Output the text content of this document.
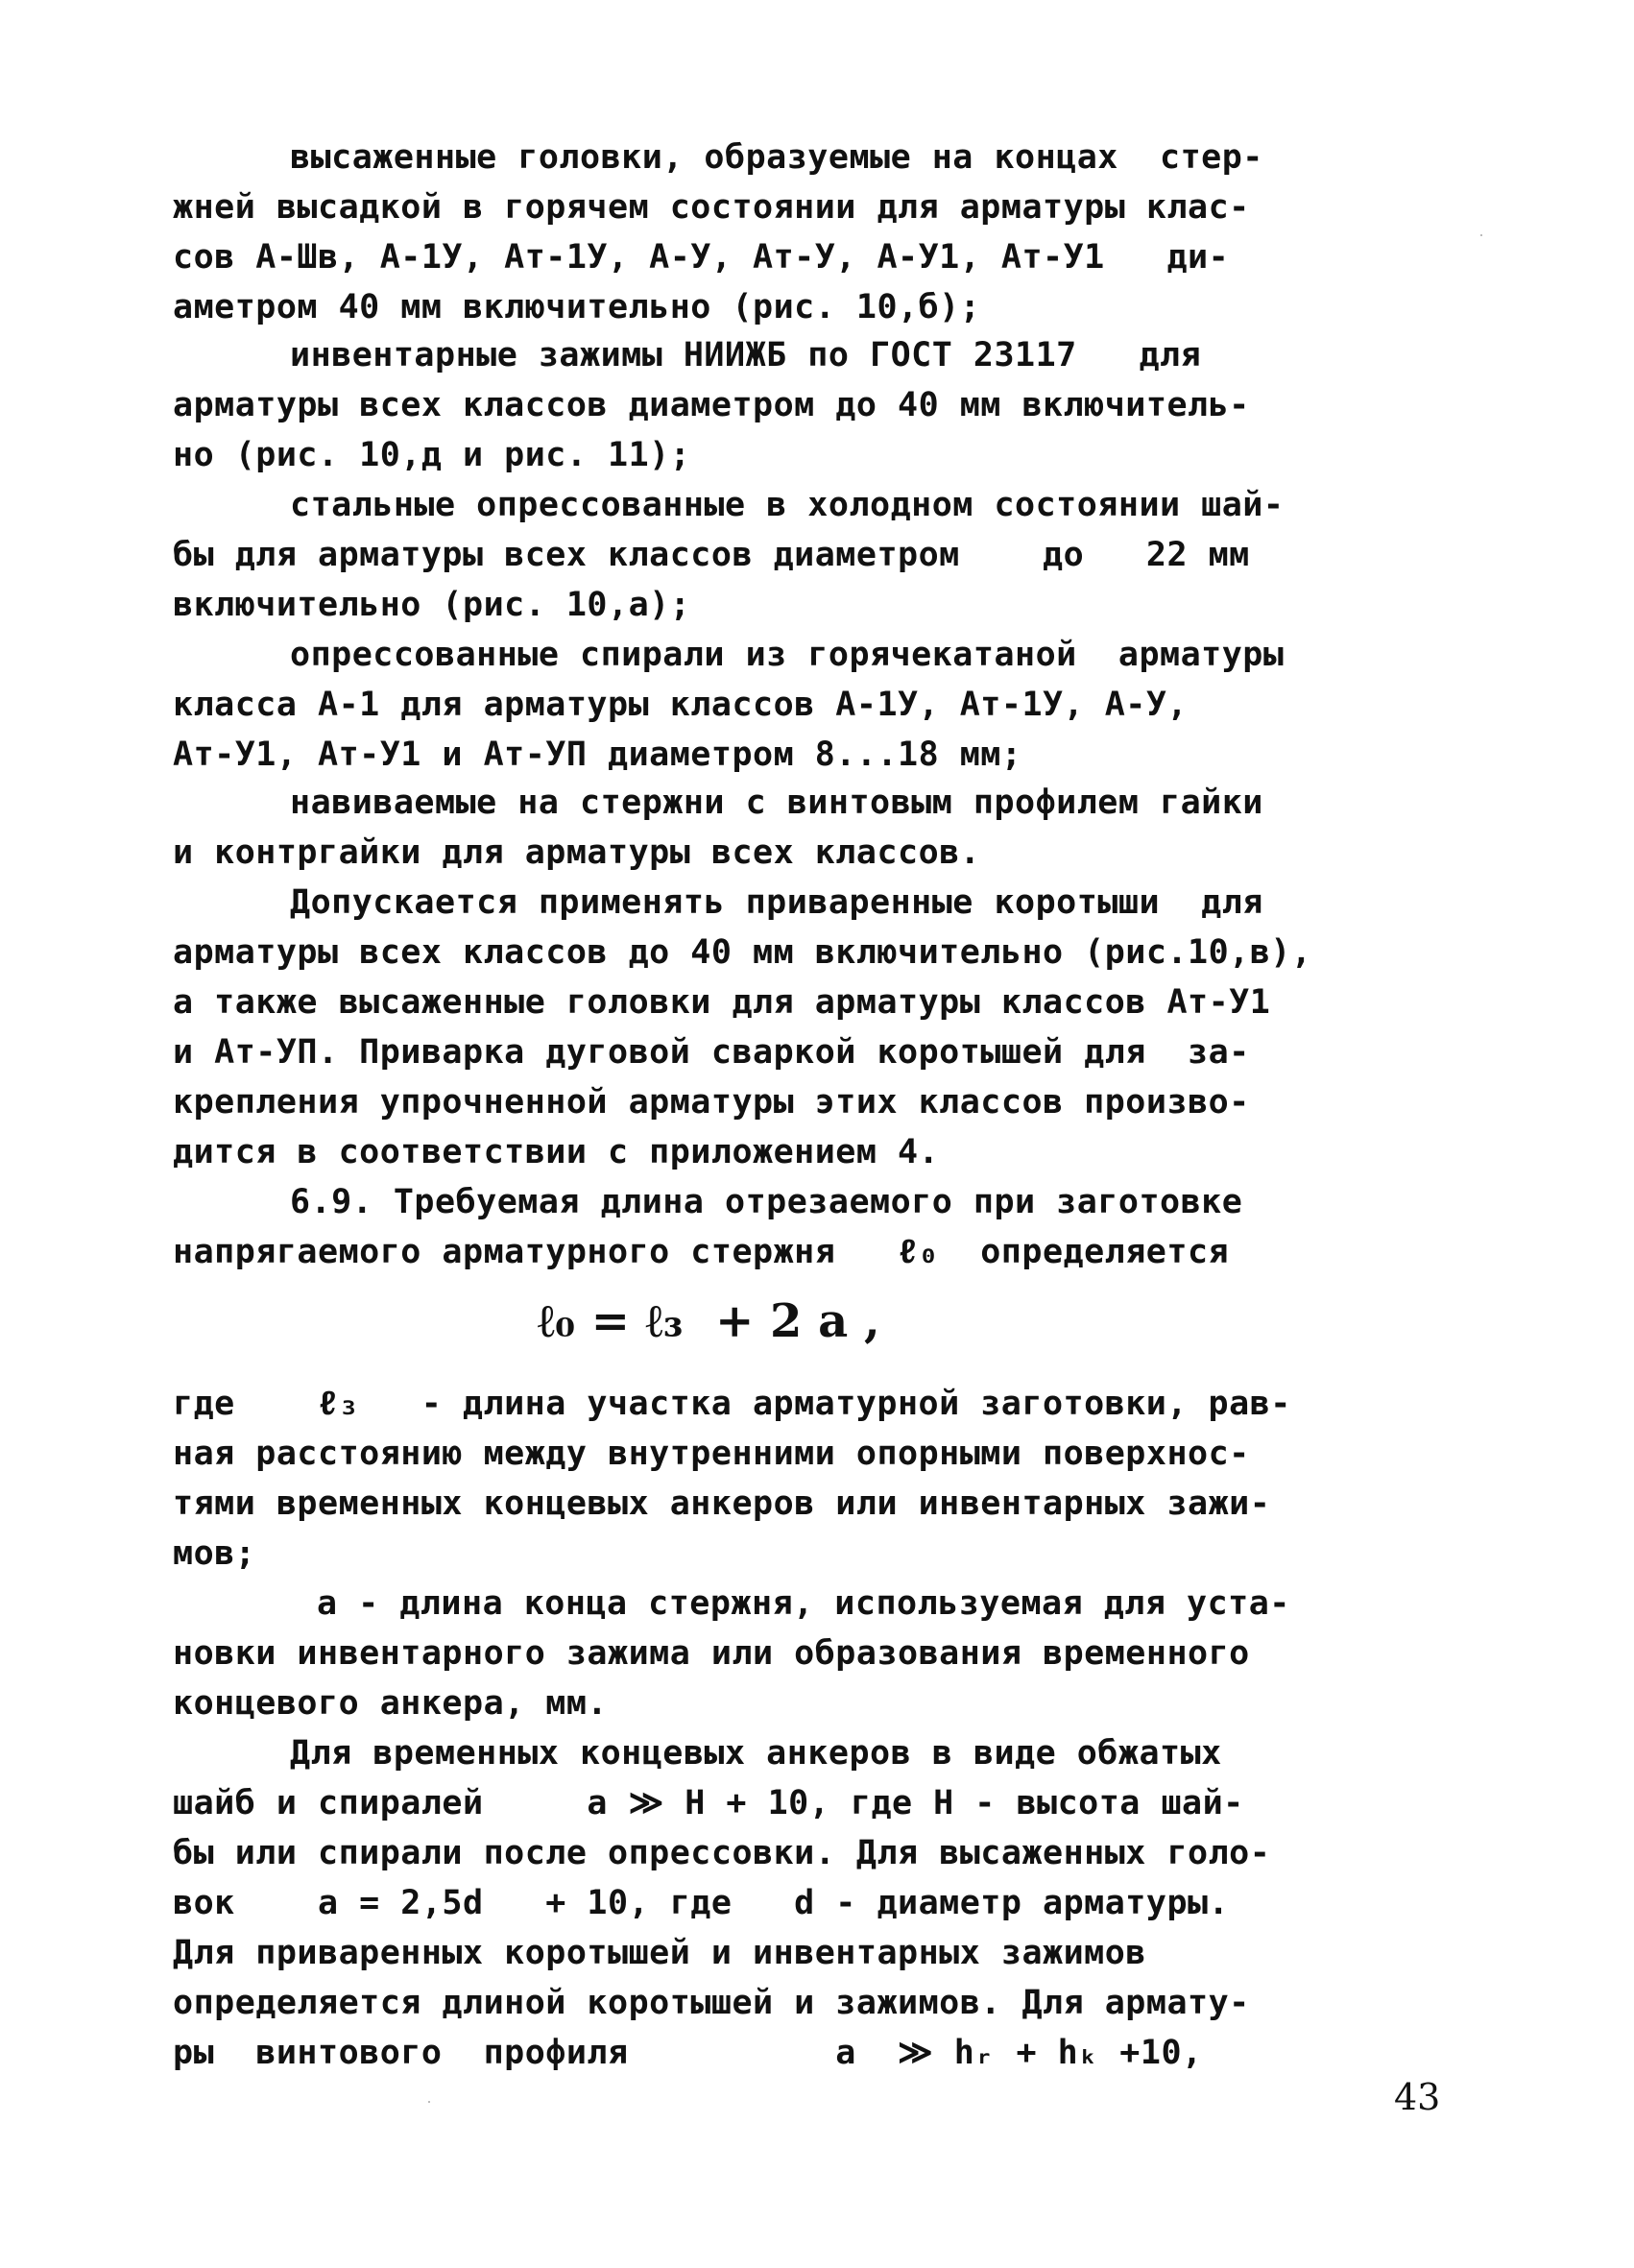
высаженные головки, образуемые на концах  стер-
жней высадкой в горячем состоянии для арматуры клас-
сов А-Шв, А-1У, Ат-1У, А-У, Ат-У, А-У1, Ат-У1   ди-
аметром 40 мм включительно (рис. 10,б);
инвентарные зажимы НИИЖБ по ГОСТ 23117   для
арматуры всех классов диаметром до 40 мм включитель-
но (рис. 10,д и рис. 11);
стальные опрессованные в холодном состоянии шай-
бы для арматуры всех классов диаметром    до   22 мм
включительно (рис. 10,а);
опрессованные спирали из горячекатаной  арматуры
класса А-1 для арматуры классов А-1У, Ат-1У, А-У,
Ат-У1, Ат-У1 и Ат-УП диаметром 8...18 мм;
навиваемые на стержни с винтовым профилем гайки
и контргайки для арматуры всех классов.
Допускается применять приваренные коротыши  для
арматуры всех классов до 40 мм включительно (рис.10,в),
а также высаженные головки для арматуры классов Ат-У1
и Ат-УП. Приварка дуговой сваркой коротышей для  за-
крепления упрочненной арматуры этих классов произво-
дится в соответствии с приложением 4.
6.9. Требуемая длина отрезаемого при заготовке
напрягаемого арматурного стержня   ℓ₀  определяется
ℓ₀ = ℓ₃  + 2 a ,
где    ℓ₃   - длина участка арматурной заготовки, рав-
ная расстоянию между внутренними опорными поверхнос-
тями временных концевых анкеров или инвентарных зажи-
мов;
a - длина конца стержня, используемая для уста-
новки инвентарного зажима или образования временного
концевого анкера, мм.
Для временных концевых анкеров в виде обжатых
шайб и спиралей     a ≫ Н + 10, где Н - высота шай-
бы или спирали после опрессовки. Для высаженных голо-
вок    a = 2,5d   + 10, где   d - диаметр арматуры.
Для приваренных коротышей и инвентарных зажимов
определяется длиной коротышей и зажимов. Для армату-
ры  винтового  профиля          a  ≫ hᵣ + hₖ +10,
43
